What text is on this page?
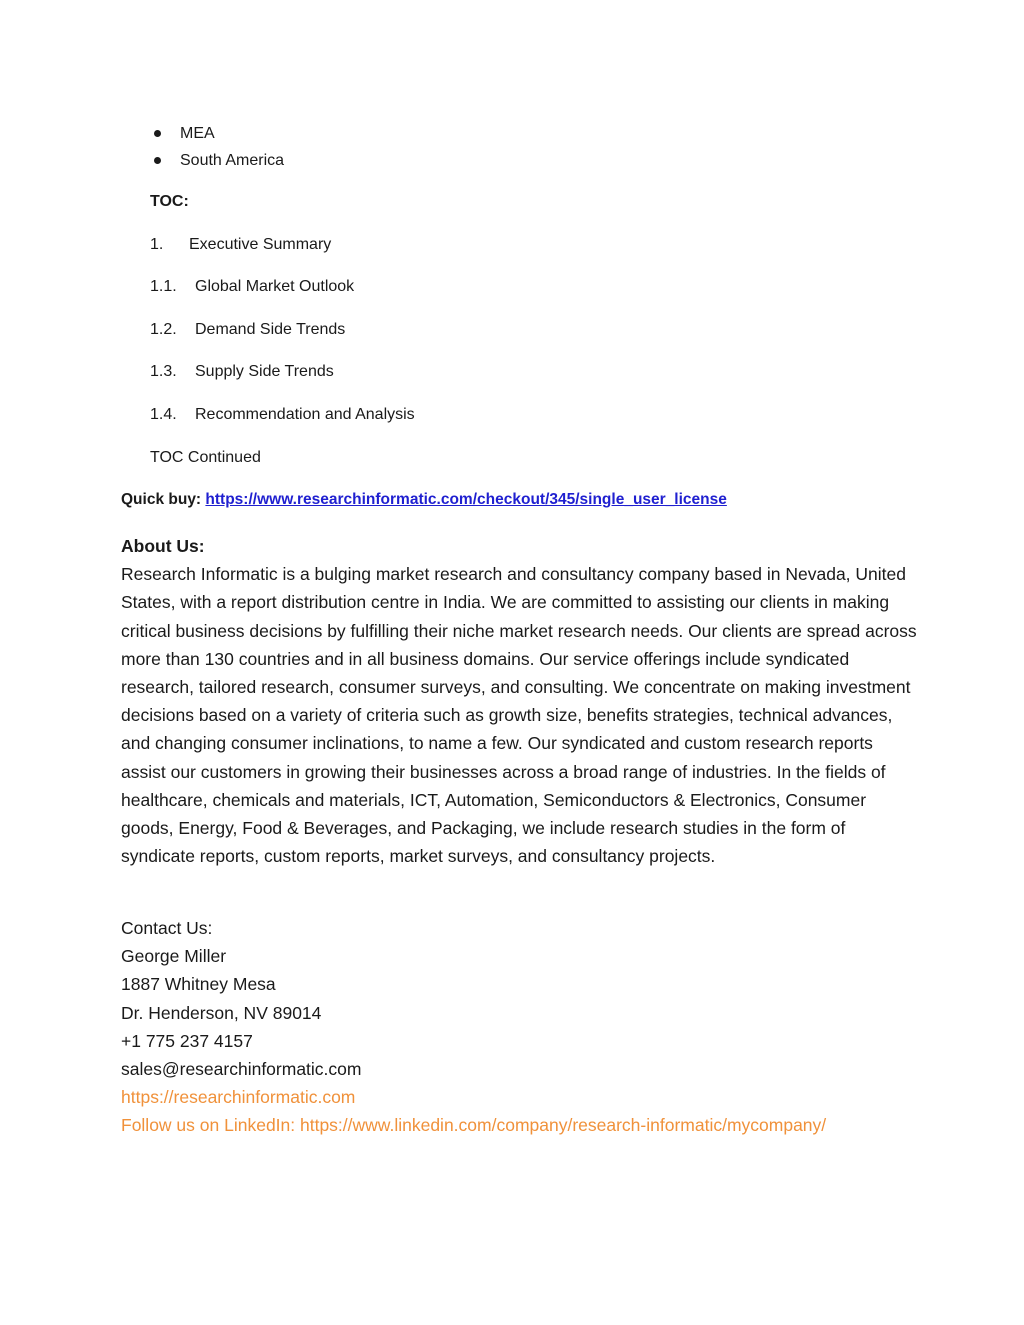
MEA
South America
TOC:
1. Executive Summary
1.1. Global Market Outlook
1.2. Demand Side Trends
1.3. Supply Side Trends
1.4. Recommendation and Analysis
TOC Continued
Quick buy: https://www.researchinformatic.com/checkout/345/single_user_license
About Us:

Research Informatic is a bulging market research and consultancy company based in Nevada, United States, with a report distribution centre in India. We are committed to assisting our clients in making critical business decisions by fulfilling their niche market research needs. Our clients are spread across more than 130 countries and in all business domains. Our service offerings include syndicated research, tailored research, consumer surveys, and consulting. We concentrate on making investment decisions based on a variety of criteria such as growth size, benefits strategies, technical advances, and changing consumer inclinations, to name a few. Our syndicated and custom research reports assist our customers in growing their businesses across a broad range of industries. In the fields of healthcare, chemicals and materials, ICT, Automation, Semiconductors & Electronics, Consumer goods, Energy, Food & Beverages, and Packaging, we include research studies in the form of syndicate reports, custom reports, market surveys, and consultancy projects.

Contact Us:
George Miller
1887 Whitney Mesa
Dr. Henderson, NV 89014
+1 775 237 4157
sales@researchinformatic.com
https://researchinformatic.com
Follow us on LinkedIn: https://www.linkedin.com/company/research-informatic/mycompany/
